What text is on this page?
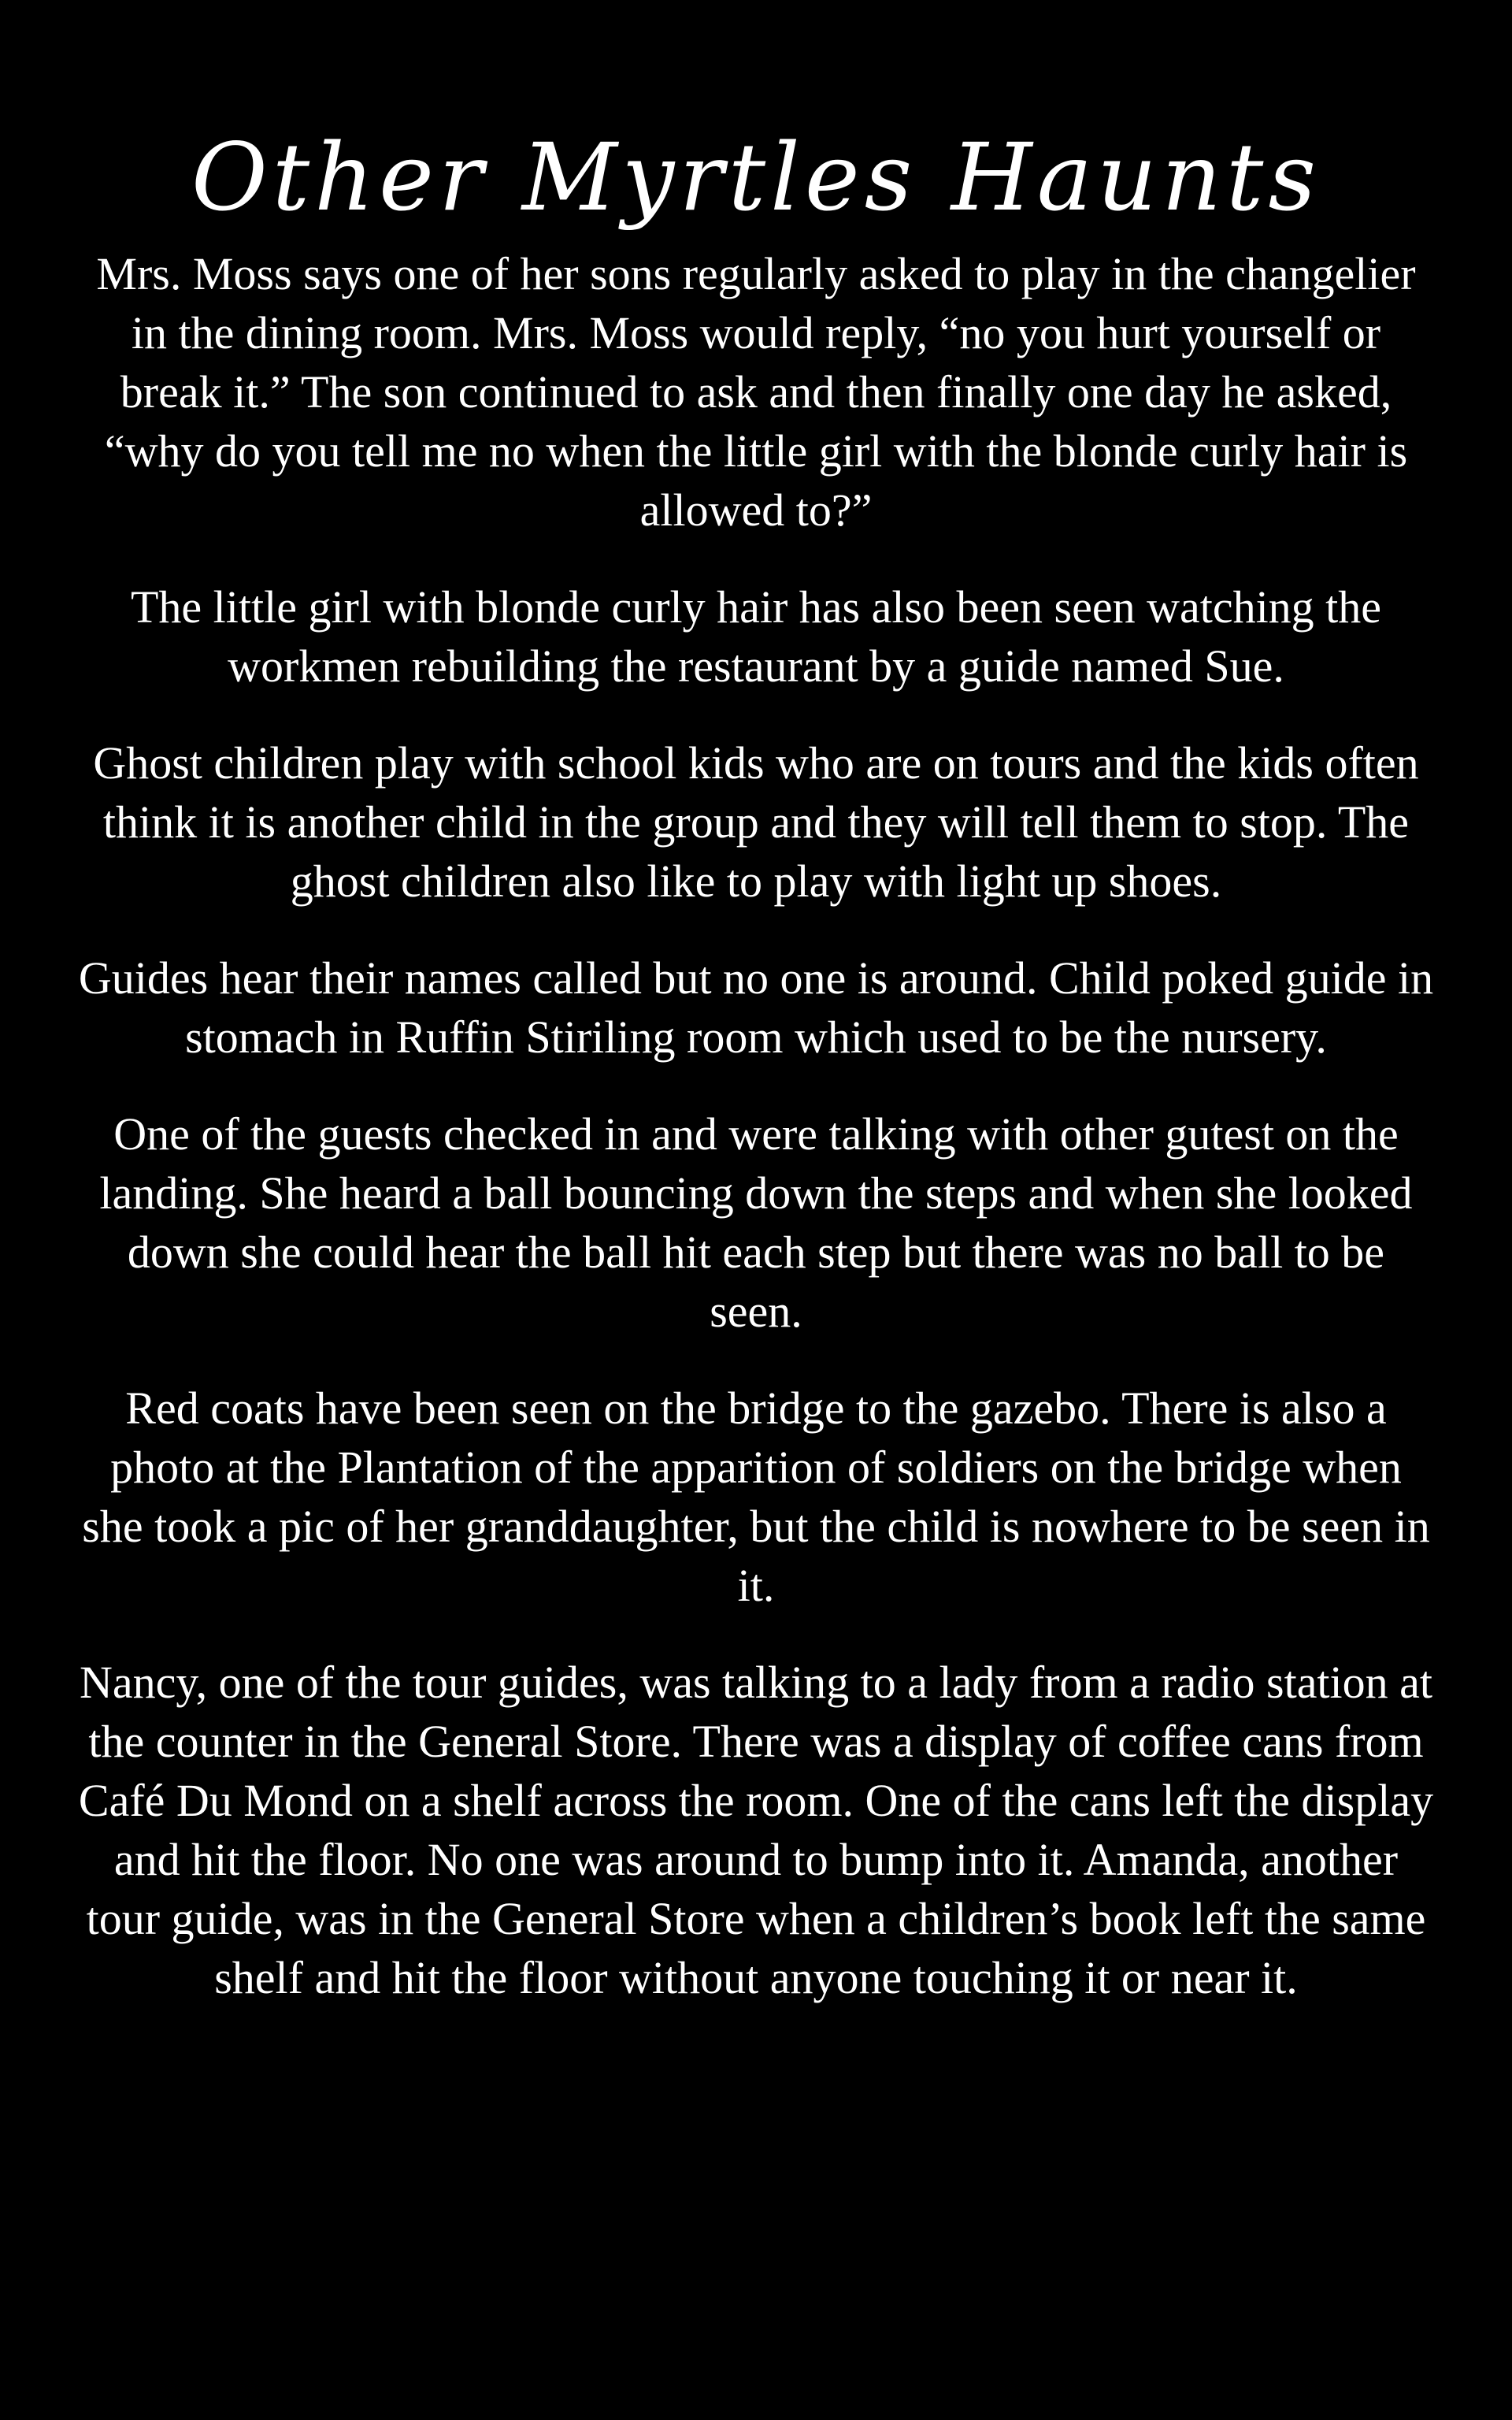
Other Myrtles Haunts

Mrs. Moss says one of her sons regularly asked to play in the changelier in the dining room. Mrs. Moss would reply, “no you hurt yourself or break it.” The son continued to ask and then finally one day he asked, “why do you tell me no when the little girl with the blonde curly hair is allowed to?”

The little girl with blonde curly hair has also been seen watching the workmen rebuilding the restaurant by a guide named Sue.

Ghost children play with school kids who are on tours and the kids often think it is another child in the group and they will tell them to stop. The ghost children also like to play with light up shoes.

Guides hear their names called but no one is around. Child poked guide in stomach in Ruffin Stiriling room which used to be the nursery.

One of the guests checked in and were talking with other gutest on the landing. She heard a ball bouncing down the steps and when she looked down she could hear the ball hit each step but there was no ball to be seen.

Red coats have been seen on the bridge to the gazebo. There is also a photo at the Plantation of the apparition of soldiers on the bridge when she took a pic of her granddaughter, but the child is nowhere to be seen in it.

Nancy, one of the tour guides, was talking to a lady from a radio station at the counter in the General Store. There was a display of coffee cans from Café Du Mond on a shelf across the room. One of the cans left the display and hit the floor. No one was around to bump into it. Amanda, another tour guide, was in the General Store when a children’s book left the same shelf and hit the floor without anyone touching it or near it.
